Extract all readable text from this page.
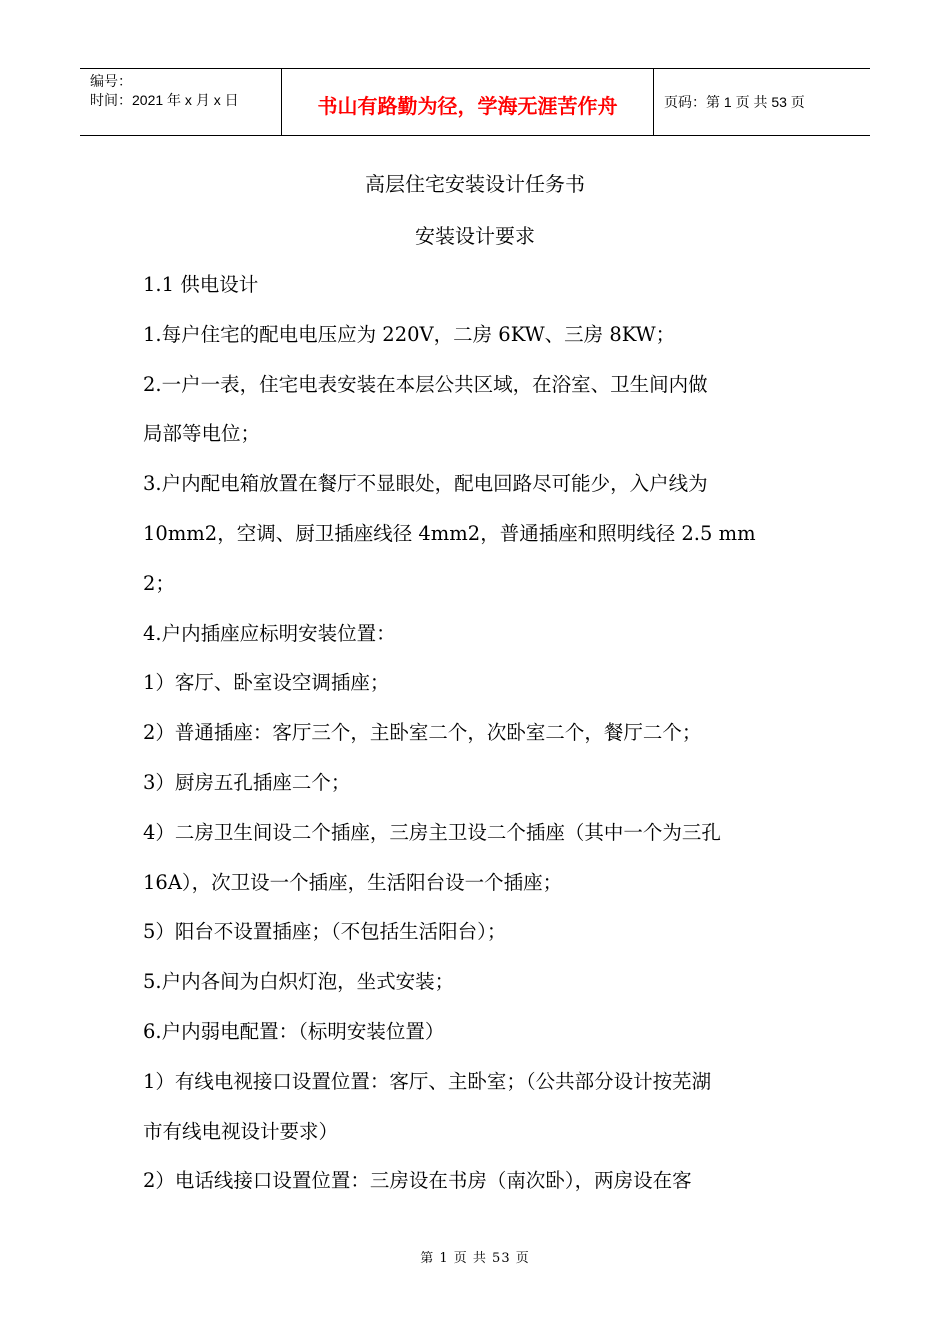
编号：
时间：2021 年 x 月 x 日	书山有路勤为径，学海无涯苦作舟	页码：第 1 页 共 53 页
高层住宅安装设计任务书
安装设计要求

1.1 供电设计

1.每户住宅的配电电压应为 220V，二房 6KW、三房 8KW；

2.一户一表，住宅电表安装在本层公共区域，在浴室、卫生间内做

局部等电位；

3.户内配电箱放置在餐厅不显眼处，配电回路尽可能少，入户线为

10mm2，空调、厨卫插座线径 4mm2，普通插座和照明线径 2.5 mm

2；

4.户内插座应标明安装位置：

1）客厅、卧室设空调插座；

2）普通插座：客厅三个，主卧室二个，次卧室二个，餐厅二个；

3）厨房五孔插座二个；

4）二房卫生间设二个插座，三房主卫设二个插座（其中一个为三孔

16A），次卫设一个插座，生活阳台设一个插座；

5）阳台不设置插座；（不包括生活阳台）；

5.户内各间为白炽灯泡，坐式安装；

6.户内弱电配置：（标明安装位置）

1）有线电视接口设置位置：客厅、主卧室；（公共部分设计按芜湖

市有线电视设计要求）

2）电话线接口设置位置：三房设在书房（南次卧），两房设在客

第 1 页 共 53 页
